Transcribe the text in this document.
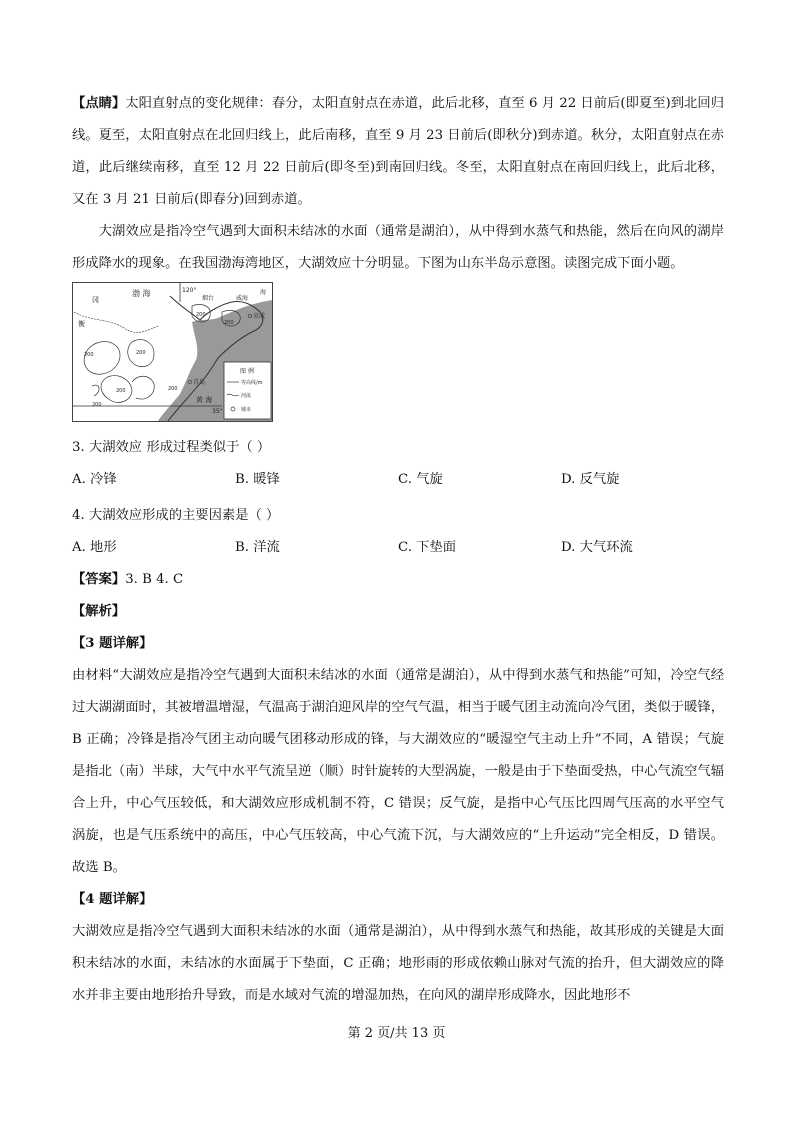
【点睛】太阳直射点的变化规律：春分，太阳直射点在赤道，此后北移，直至 6 月 22 日前后(即夏至)到北回归线。夏至，太阳直射点在北回归线上，此后南移，直至 9 月 23 日前后(即秋分)到赤道。秋分，太阳直射点在赤道，此后继续南移，直至 12 月 22 日前后(即冬至)到南回归线。冬至，太阳直射点在南回归线上，此后北移，又在 3 月 21 日前后(即春分)回到赤道。

大湖效应是指冷空气遇到大面积未结冰的水面（通常是湖泊），从中得到水蒸气和热能，然后在向风的湖岸形成降水的现象。在我国渤海湾地区，大湖效应十分明显。下图为山东半岛示意图。读图完成下面小题。

图 例
等高线/m
河流
城市
渤 海	120°
冈
衡
烟台	威海
海
荣成
青岛
黄 海
35°
200
200
200
200
200
200
200

3. 大湖效应 形成过程类似于（ ）

A. 冷锋	B. 暖锋	C. 气旋	D. 反气旋

4. 大湖效应形成的主要因素是（ ）

A. 地形	B. 洋流	C. 下垫面	D. 大气环流

【答案】3. B 4. C

【解析】

【3 题详解】

由材料“大湖效应是指冷空气遇到大面积未结冰的水面（通常是湖泊），从中得到水蒸气和热能”可知，冷空气经过大湖湖面时，其被增温增湿，气温高于湖泊迎风岸的空气气温，相当于暖气团主动流向冷气团，类似于暖锋，B 正确；冷锋是指冷气团主动向暖气团移动形成的锋，与大湖效应的“暖湿空气主动上升”不同，A 错误；气旋是指北（南）半球，大气中水平气流呈逆（顺）时针旋转的大型涡旋，一般是由于下垫面受热，中心气流空气辐合上升，中心气压较低，和大湖效应形成机制不符，C 错误；反气旋，是指中心气压比四周气压高的水平空气涡旋，也是气压系统中的高压，中心气压较高，中心气流下沉，与大湖效应的“上升运动”完全相反，D 错误。故选 B。

【4 题详解】

大湖效应是指冷空气遇到大面积未结冰的水面（通常是湖泊），从中得到水蒸气和热能，故其形成的关键是大面积未结冰的水面，未结冰的水面属于下垫面，C 正确；地形雨的形成依赖山脉对气流的抬升，但大湖效应的降水并非主要由地形抬升导致，而是水域对气流的增湿加热，在向风的湖岸形成降水，因此地形不

第 2 页/共 13 页
